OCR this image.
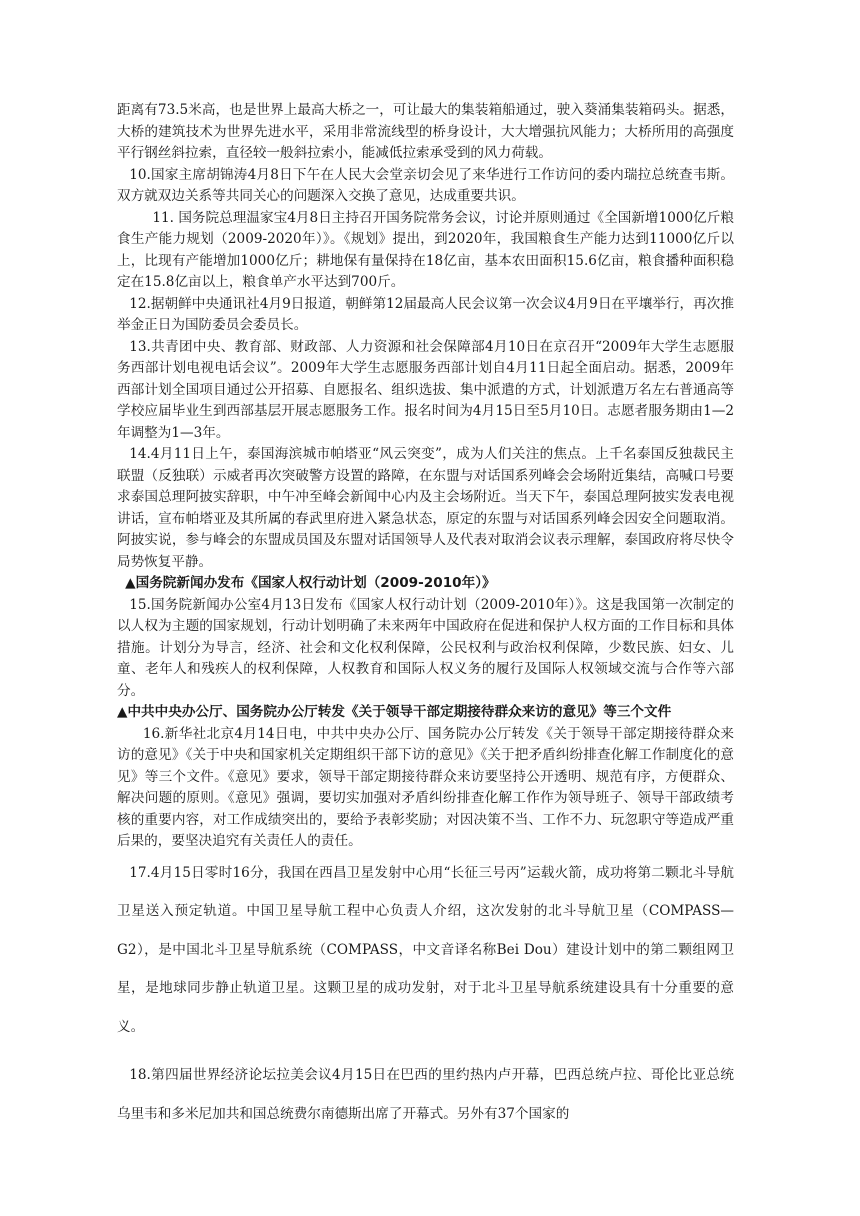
距离有73.5米高，也是世界上最高大桥之一，可让最大的集装箱船通过，驶入葵涌集装箱码头。据悉，大桥的建筑技术为世界先进水平，采用非常流线型的桥身设计，大大增强抗风能力；大桥所用的高强度平行钢丝斜拉索，直径较一般斜拉索小，能减低拉索承受到的风力荷载。

10.国家主席胡锦涛4月8日下午在人民大会堂亲切会见了来华进行工作访问的委内瑞拉总统查韦斯。双方就双边关系等共同关心的问题深入交换了意见，达成重要共识。

11. 国务院总理温家宝4月8日主持召开国务院常务会议，讨论并原则通过《全国新增1000亿斤粮食生产能力规划（2009-2020年）》。《规划》提出，到2020年，我国粮食生产能力达到11000亿斤以上，比现有产能增加1000亿斤；耕地保有量保持在18亿亩，基本农田面积15.6亿亩，粮食播种面积稳定在15.8亿亩以上，粮食单产水平达到700斤。

12.据朝鲜中央通讯社4月9日报道，朝鲜第12届最高人民会议第一次会议4月9日在平壤举行，再次推举金正日为国防委员会委员长。

13.共青团中央、教育部、财政部、人力资源和社会保障部4月10日在京召开“2009年大学生志愿服务西部计划电视电话会议”。2009年大学生志愿服务西部计划自4月11日起全面启动。据悉，2009年西部计划全国项目通过公开招募、自愿报名、组织选拔、集中派遣的方式，计划派遣万名左右普通高等学校应届毕业生到西部基层开展志愿服务工作。报名时间为4月15日至5月10日。志愿者服务期由1—2年调整为1—3年。

14.4月11日上午，泰国海滨城市帕塔亚“风云突变”，成为人们关注的焦点。上千名泰国反独裁民主联盟（反独联）示威者再次突破警方设置的路障，在东盟与对话国系列峰会会场附近集结，高喊口号要求泰国总理阿披实辞职，中午冲至峰会新闻中心内及主会场附近。当天下午，泰国总理阿披实发表电视讲话，宣布帕塔亚及其所属的春武里府进入紧急状态，原定的东盟与对话国系列峰会因安全问题取消。阿披实说，参与峰会的东盟成员国及东盟对话国领导人及代表对取消会议表示理解，泰国政府将尽快令局势恢复平静。

▲国务院新闻办发布《国家人权行动计划（2009-2010年）》

15.国务院新闻办公室4月13日发布《国家人权行动计划（2009-2010年）》。这是我国第一次制定的以人权为主题的国家规划，行动计划明确了未来两年中国政府在促进和保护人权方面的工作目标和具体措施。计划分为导言，经济、社会和文化权利保障，公民权利与政治权利保障，少数民族、妇女、儿童、老年人和残疾人的权利保障，人权教育和国际人权义务的履行及国际人权领域交流与合作等六部分。

▲中共中央办公厅、国务院办公厅转发《关于领导干部定期接待群众来访的意见》等三个文件

16.新华社北京4月14日电，中共中央办公厅、国务院办公厅转发《关于领导干部定期接待群众来访的意见》《关于中央和国家机关定期组织干部下访的意见》《关于把矛盾纠纷排查化解工作制度化的意见》等三个文件。《意见》要求，领导干部定期接待群众来访要坚持公开透明、规范有序，方便群众、解决问题的原则。《意见》强调，要切实加强对矛盾纠纷排查化解工作作为领导班子、领导干部政绩考核的重要内容，对工作成绩突出的，要给予表彰奖励；对因决策不当、工作不力、玩忽职守等造成严重后果的，要坚决追究有关责任人的责任。

17.4月15日零时16分，我国在西昌卫星发射中心用“长征三号丙”运载火箭，成功将第二颗北斗导航卫星送入预定轨道。中国卫星导航工程中心负责人介绍，这次发射的北斗导航卫星（COMPASS—G2），是中国北斗卫星导航系统（COMPASS，中文音译名称Bei Dou）建设计划中的第二颗组网卫星，是地球同步静止轨道卫星。这颗卫星的成功发射，对于北斗卫星导航系统建设具有十分重要的意义。

18.第四届世界经济论坛拉美会议4月15日在巴西的里约热内卢开幕，巴西总统卢拉、哥伦比亚总统乌里韦和多米尼加共和国总统费尔南德斯出席了开幕式。另外有37个国家的
